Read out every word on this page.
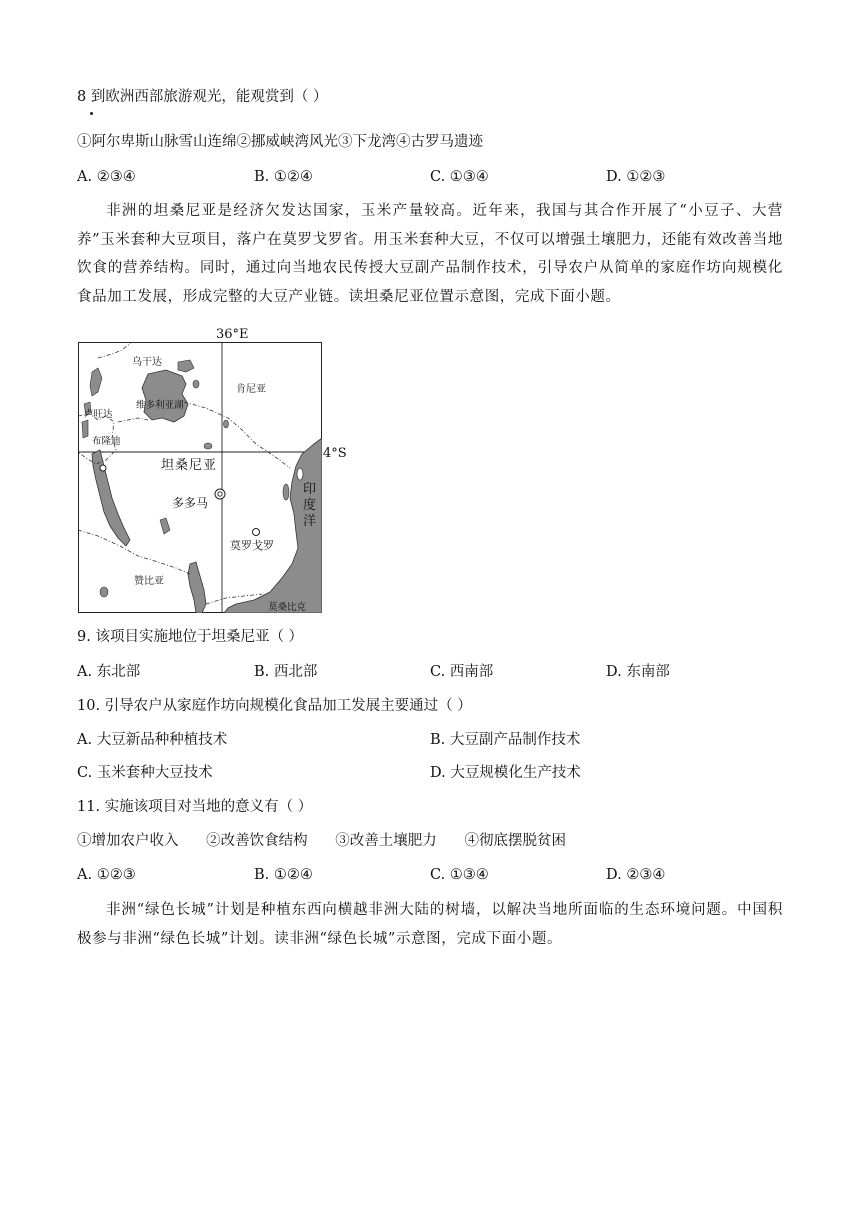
8 到欧洲西部旅游观光，能观赏到（ ）
①阿尔卑斯山脉雪山连绵②挪威峡湾风光③下龙湾④古罗马遗迹
A. ②③④	B. ①②④	C. ①③④	D. ①②③
非洲的坦桑尼亚是经济欠发达国家，玉米产量较高。近年来，我国与其合作开展了“小豆子、大营养”玉米套种大豆项目，落户在莫罗戈罗省。用玉米套种大豆，不仅可以增强土壤肥力，还能有效改善当地饮食的营养结构。同时，通过向当地农民传授大豆副产品制作技术，引导农户从简单的家庭作坊向规模化食品加工发展，形成完整的大豆产业链。读坦桑尼亚位置示意图，完成下面小题。
36°E
4°S
乌干达
肯尼亚
维多利亚湖
卢旺达
布隆迪
坦桑尼亚
多多马
莫罗戈罗
赞比亚
莫桑比克
印
度
洋
9. 该项目实施地位于坦桑尼亚（ ）
A. 东北部	B. 西北部	C. 西南部	D. 东南部
10. 引导农户从家庭作坊向规模化食品加工发展主要通过（ ）
A. 大豆新品种种植技术	B. 大豆副产品制作技术
C. 玉米套种大豆技术	D. 大豆规模化生产技术
11. 实施该项目对当地的意义有（ ）
①增加农户收入      ②改善饮食结构      ③改善土壤肥力      ④彻底摆脱贫困
A. ①②③	B. ①②④	C. ①③④	D. ②③④
非洲“绿色长城”计划是种植东西向横越非洲大陆的树墙，以解决当地所面临的生态环境问题。中国积极参与非洲“绿色长城”计划。读非洲“绿色长城”示意图，完成下面小题。
